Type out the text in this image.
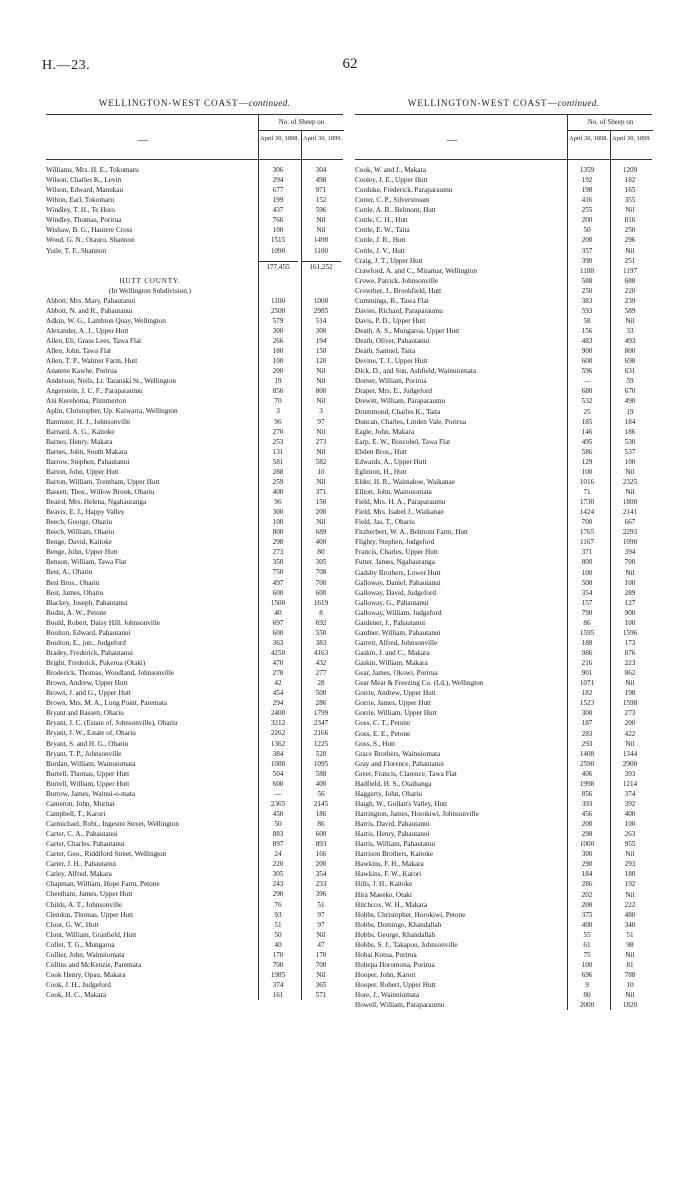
H.—23.	62
WELLINGTON-WEST COAST—continued.
—
No. of Sheep on
April 30, 1898. April 30, 1899.
Williams, Mrs. H. E., Tokomaru	306	304
Wilson, Charles K., Levin	294	498
Wilson, Edward, Manukau	677	971
Wilton, Earl, Tokomaru	199	152
Windley, T. H., Te Horo	437	596
Windley, Thomas, Porirua	766	Nil
Wishaw, B. G., Hautere Cross	100	Nil
Wood, G. N., Otauro, Shannon	1515	1490
Yuile, T. F., Shannon	1090	1100
177,455	161,252
HUTT COUNTY.
(In Wellington Subdivision.)
Abbott, Mrs. Mary, Pahautanui	1100	1000
Abbott, N. and R., Pahautanui	2500	2985
Adkin, W. G., Lambton Quay, Wellington	579	514
Alexander, A. J., Upper Hutt	300	300
Allen, Eli, Grass Lees, Tawa Flat	266	194
Allen, John, Tawa Flat	180	150
Allen, T. P., Walmer Farm, Hutt	100	120
Anatene Kawhe, Porirua	200	Nil
Anderson, Neils, Lr. Taranaki St., Wellington	19	Nil
Angerstein, J. C. F., Paraparaumu	856	800
Ani Kerehoma, Plimmerton	70	Nil
Aplin, Christopher, Up. Kaiwarra, Wellington	3	3
Bannister, H. J., Johnsonville	96	97
Barnard, A. G., Kaitoke	270	Nil
Barnes, Henry, Makara	253	273
Barnes, John, South Makara	131	Nil
Barrow, Stephen, Pahautanui	581	582
Barton, John, Upper Hutt	288	10
Barton, William, Trentham, Upper Hutt	259	Nil
Bassett, Thos., Willow Brook, Ohariu	400	371
Beaird, Mrs. Helena, Ngahauranga	96	150
Beavis, E. J., Happy Valley	300	200
Beech, George, Ohariu	100	Nil
Beech, William, Ohariu	800	689
Benge, David, Kaitoke	298	400
Benge, John, Upper Hutt	273	80
Benson, William, Tawa Flat	350	305
Best, A., Ohariu	750	708
Best Bros., Ohariu	497	700
Best, James, Ohariu	600	600
Blackey, Joseph, Pahautanui	1500	1619
Bodin, A. W., Petone	40	8
Bould, Robert, Daisy Hill, Johnsonville	697	692
Boulton, Edward, Pahautanui	600	550
Boulton, E., jun., Judgeford	363	383
Bradey, Frederick, Pahautanui	4250	4163
Bright, Frederick, Pukerua (Otaki)	470	432
Broderick, Thomas, Woodland, Johnsonville	278	277
Brown, Andrew, Upper Hutt	42	28
Brown, J. and G., Upper Hutt	454	500
Brown, Mrs. M. A., Long Point, Paremata	294	286
Bryant and Bassett, Ohariu	2400	1799
Bryant, J. C. (Estate of, Johnsonville), Ohariu	3212	2347
Bryant, J. W., Estate of, Ohariu	2262	2166
Bryant, S. and H. G., Ohariu	1362	1225
Bryant, T. P., Johnsonville	384	520
Burdan, William, Wainuiomata	1088	1095
Burrell, Thomas, Upper Hutt	504	588
Burrell, William, Upper Hutt	600	400
Burrow, James, Wainui-o-mata	—	56
Cameron, John, Muritai	2365	2145
Campbell, T., Karori	450	186
Carmichael, Robt., Ingestre Street, Wellington	50	86
Carter, C. A., Pahautanui	883	600
Carter, Charles, Pahautanui	897	893
Carter, Geo., Riddiford Street, Wellington	24	166
Carter, J. H., Pahautanui	220	200
Catley, Alfred, Makara	305	354
Chapman, William, Hope Farm, Petone	243	233
Cheetham, James, Upper Hutt	290	396
Childs, A. T., Johnsonville	76	51
Clendon, Thomas, Upper Hutt	93	97
Clout, G. W., Hutt	51	97
Clout, William, Granfield, Hutt	50	Nil
Collet, T. G., Mungaroa	40	47
Collier, John, Wainuiomata	170	170
Collins and McKenzie, Paremata	700	700
Cook Henry, Opau, Makara	1985	Nil
Cook, J. H., Judgeford	374	365
Cook, H. C., Makara	161	571
WELLINGTON-WEST COAST—continued.
—
No. of Sheep on
April 30, 1898. April 30, 1899.
Cook, W. and J., Makara	1359	1209
Cooley, J. E., Upper Hutt	192	182
Corduke, Frederick, Paraparaumu	198	165
Cotter, C. P., Silverstream	416	355
Cottle, A. B., Belmont, Hutt	255	Nil
Cottle, C. H., Hutt	200	816
Cottle, E. W., Taita	50	250
Cottle, J. R., Hutt	200	296
Cottle, J. V., Hutt	357	Nil
Craig, J. T., Upper Hutt	390	251
Crawford, A. and C., Miramar, Wellington	1188	1197
Crowe, Patrick, Johnsonville	588	688
Crowther, J., Brookfield, Hutt	250	220
Cummings, B., Tawa Flat	383	239
Davies, Richard, Paraparaumu	593	589
Davis, P. D., Upper Hutt	58	Nil
Death, A. S., Mungaroa, Upper Hutt	156	33
Death, Oliver, Pahautanui	483	493
Death, Samuel, Taita	900	800
Devine, T. J., Upper Hutt	600	698
Dick, D., and Son, Ashfield, Wainuiomata	596	631
Dorner, William, Porirua	—	59
Draper, Mrs. E., Judgeford	680	670
Drewitt, William, Paraparaumu	532	490
Drummond, Charles K., Taita	25	19
Duncan, Charles, Linden Vale, Porirua	185	184
Eagle, John, Makara	146	186
Earp, E. W., Boscobel, Tawa Flat	495	530
Ebden Bros., Hutt	586	537
Edwards, A., Upper Hutt	129	100
Eglinton, H., Hutt	100	Nil
Elder, H. R., Waimahoe, Waikanae	1016	2325
Elliott, John, Wainuiomata	71	Nil
Field, Mrs. H. A., Paraparaumu	1730	1800
Field, Mrs. Isabel J., Waikanae	1424	2141
Field, Jas. T., Ohariu	700	667
Fitzherbert, W. A., Belmont Farm, Hutt	1765	2293
Flighty, Stephen, Judgeford	1167	1090
Francis, Charles, Upper Hutt	371	394
Futter, James, Ngahauranga	800	700
Gadsby Brothers, Lower Hutt	100	Nil
Galloway, Daniel, Pahautanui	500	100
Galloway, David, Judgeford	354	289
Galloway, G., Pahautanui	157	127
Galloway, William, Judgeford	790	900
Gardener, J., Pahautanui	86	100
Gardner, William, Pahautanui	1595	1596
Garrett, Alfred, Johnsonville	188	173
Gaskin, J. and C., Makara	986	876
Gaskin, William, Makara	216	223
Gear, James, Okowi, Porirua	901	862
Gear Meat & Freezing Co. (Ld.), Wellington	1071	Nil
Gorrie, Andrew, Upper Hutt	182	198
Gorrie, James, Upper Hutt	1523	1598
Gorrie, William, Upper Hutt	300	273
Goss, C. T., Petone	187	200
Goss, E. E., Petone	283	422
Goss, S., Hutt	293	Nil
Grace Brothers, Wainuiomata	1408	1344
Gray and Florence, Pahautanui	2590	2900
Greer, Francis, Clarence, Tawa Flat	406	393
Hadfield, H. S., Otaihanga	1998	1214
Haggerty, John, Ohariu	856	374
Haigh, W., Gollan's Valley, Hutt	393	392
Harrington, James, Horokiwi, Johnsonville	456	400
Harris, David, Pahautanui	200	100
Harris, Henry, Pahautanui	298	263
Harris, William, Pahautanui	1000	955
Harrison Brothers, Kaitoke	300	Nil
Hawkins, F. H., Makara	290	293
Hawkins, F. W., Karori	184	180
Hills, J. H., Kaitoke	286	192
Hira Maeeke, Otaki	202	Nil
Hitchcox, W. H., Makara	200	222
Hobbs, Christopher, Horokiwi, Petone	375	480
Hobbs, Domingo, Khandallah	400	340
Hobbs, George, Khandallah	55	51
Hobbs, S. J., Takapou, Johnsonville	61	98
Hohai Kotua, Porirua	75	Nil
Hohepa Horomona, Porirua	100	81
Hooper, John, Karori	696	788
Hooper, Robert, Upper Hutt	9	10
Hore, J., Wainuiomata	80	Nil
Howell, William, Paraparaumu	2000	1820
